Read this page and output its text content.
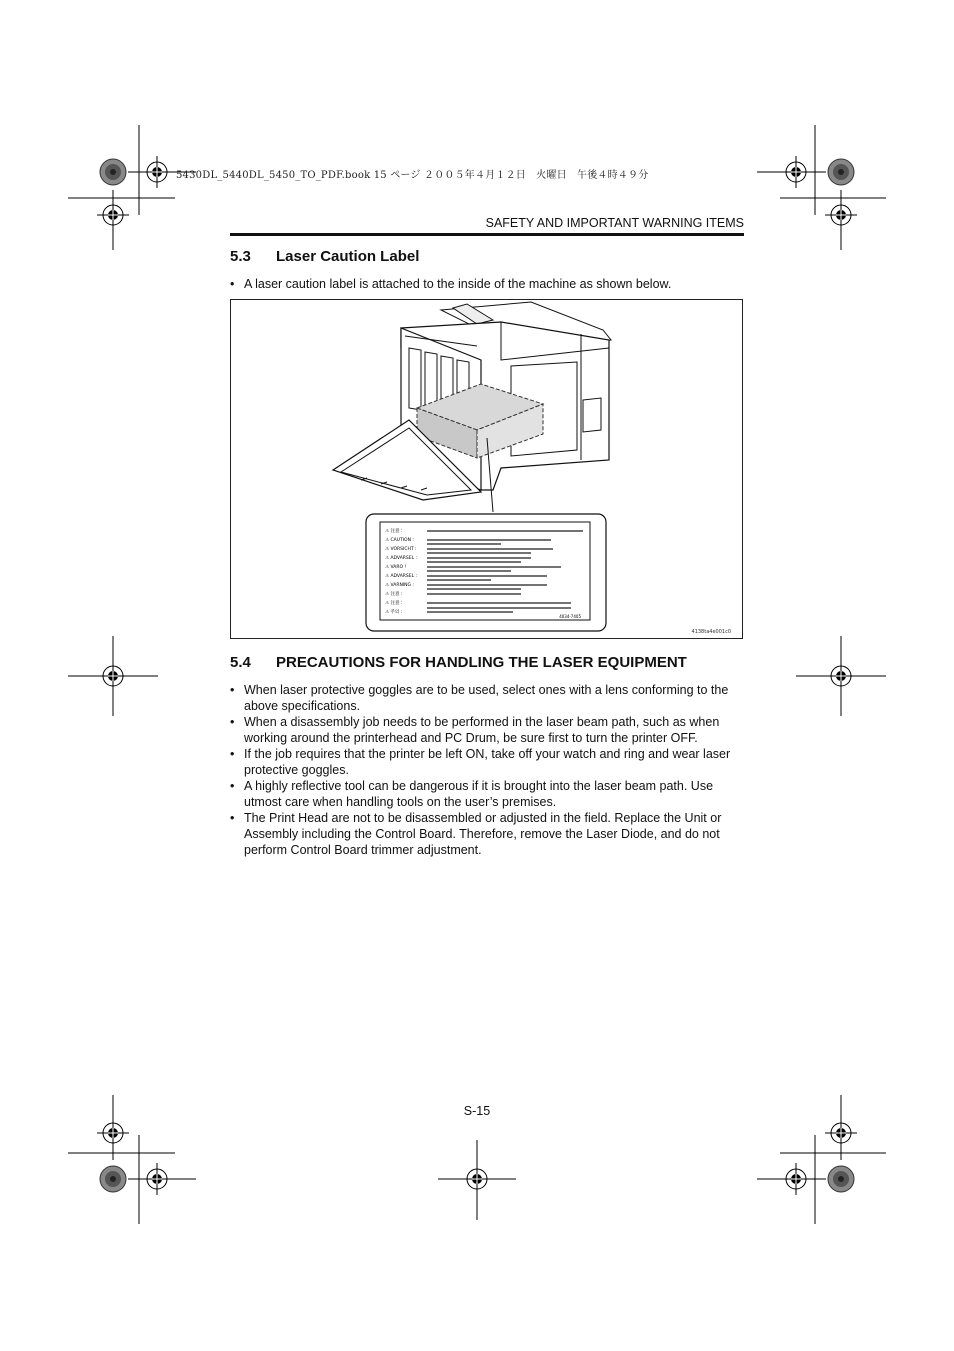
5430DL_5440DL_5450_TO_PDF.book 15 ページ ２００５年４月１２日　火曜日　午後４時４９分
SAFETY AND IMPORTANT WARNING ITEMS
5.3 Laser Caution Label
• A laser caution label is attached to the inside of the machine as shown below.
⚠ 注意 :
⚠ CAUTION :
⚠ VORSICHT :
⚠ ADVARSEL :
⚠ VARO !
⚠ ADVARSEL :
⚠ VARNING :
⚠ 注意 :
⚠ 注意 :
⚠ 주의 :
4034-7405
4138ta4e001c0
5.4 PRECAUTIONS FOR HANDLING THE LASER EQUIPMENT
• When laser protective goggles are to be used, select ones with a lens conforming to the above specifications.
• When a disassembly job needs to be performed in the laser beam path, such as when working around the printerhead and PC Drum, be sure first to turn the printer OFF.
• If the job requires that the printer be left ON, take off your watch and ring and wear laser protective goggles.
• A highly reflective tool can be dangerous if it is brought into the laser beam path. Use utmost care when handling tools on the user’s premises.
• The Print Head are not to be disassembled or adjusted in the field. Replace the Unit or Assembly including the Control Board. Therefore, remove the Laser Diode, and do not perform Control Board trimmer adjustment.
S-15
